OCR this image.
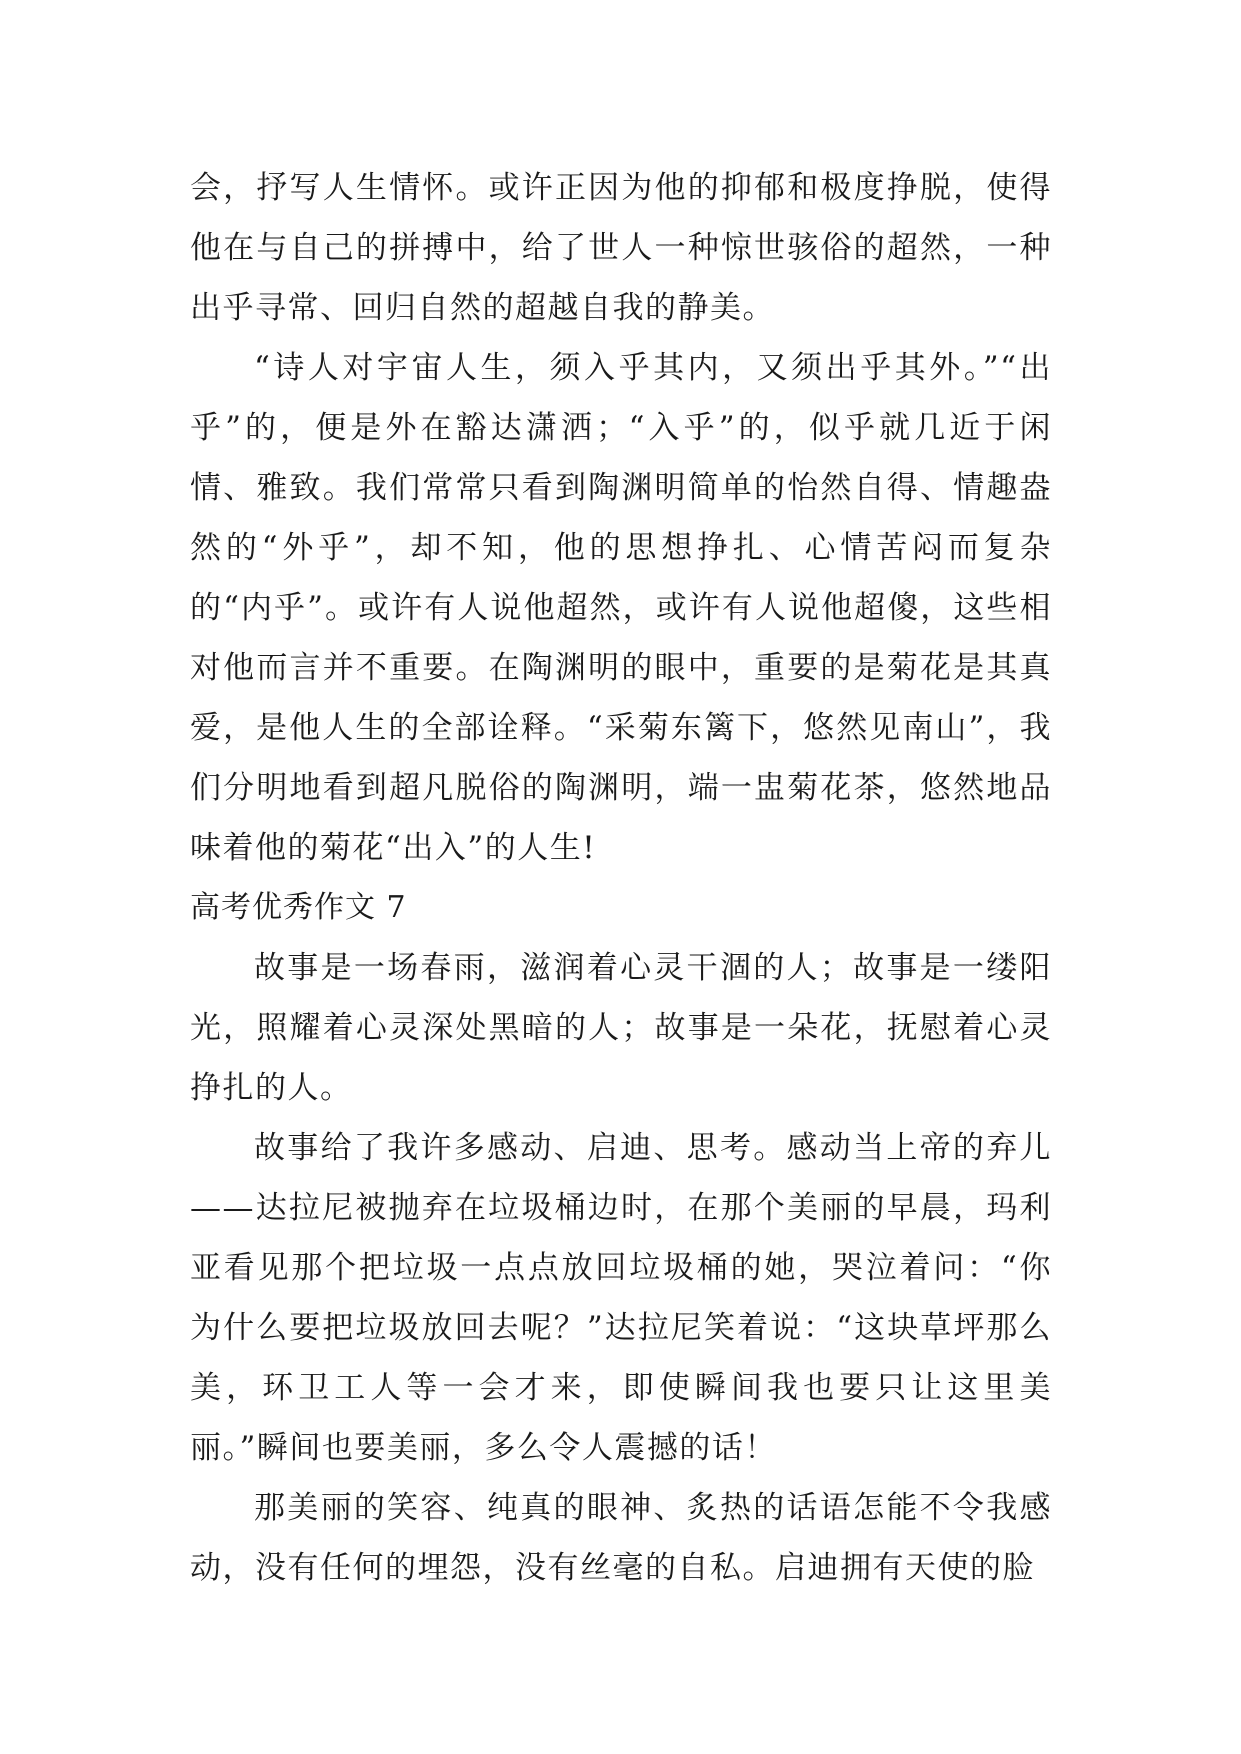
会，抒写人生情怀。或许正因为他的抑郁和极度挣脱，使得他在与自己的拼搏中，给了世人一种惊世骇俗的超然，一种出乎寻常、回归自然的超越自我的静美。

“诗人对宇宙人生，须入乎其内，又须出乎其外。”“出乎”的，便是外在豁达潇洒；“入乎”的，似乎就几近于闲情、雅致。我们常常只看到陶渊明简单的怡然自得、情趣盎然的“外乎”，却不知，他的思想挣扎、心情苦闷而复杂的“内乎”。或许有人说他超然，或许有人说他超傻，这些相对他而言并不重要。在陶渊明的眼中，重要的是菊花是其真爱，是他人生的全部诠释。“采菊东篱下，悠然见南山”，我们分明地看到超凡脱俗的陶渊明，端一盅菊花茶，悠然地品味着他的菊花“出入”的人生!

高考优秀作文 7

故事是一场春雨，滋润着心灵干涸的人；故事是一缕阳光，照耀着心灵深处黑暗的人；故事是一朵花，抚慰着心灵挣扎的人。

故事给了我许多感动、启迪、思考。感动当上帝的弃儿——达拉尼被抛弃在垃圾桶边时，在那个美丽的早晨，玛利亚看见那个把垃圾一点点放回垃圾桶的她，哭泣着问：“你为什么要把垃圾放回去呢？”达拉尼笑着说：“这块草坪那么美，环卫工人等一会才来，即使瞬间我也要只让这里美丽。”瞬间也要美丽，多么令人震撼的话！

那美丽的笑容、纯真的眼神、炙热的话语怎能不令我感动，没有任何的埋怨，没有丝毫的自私。启迪拥有天使的脸
